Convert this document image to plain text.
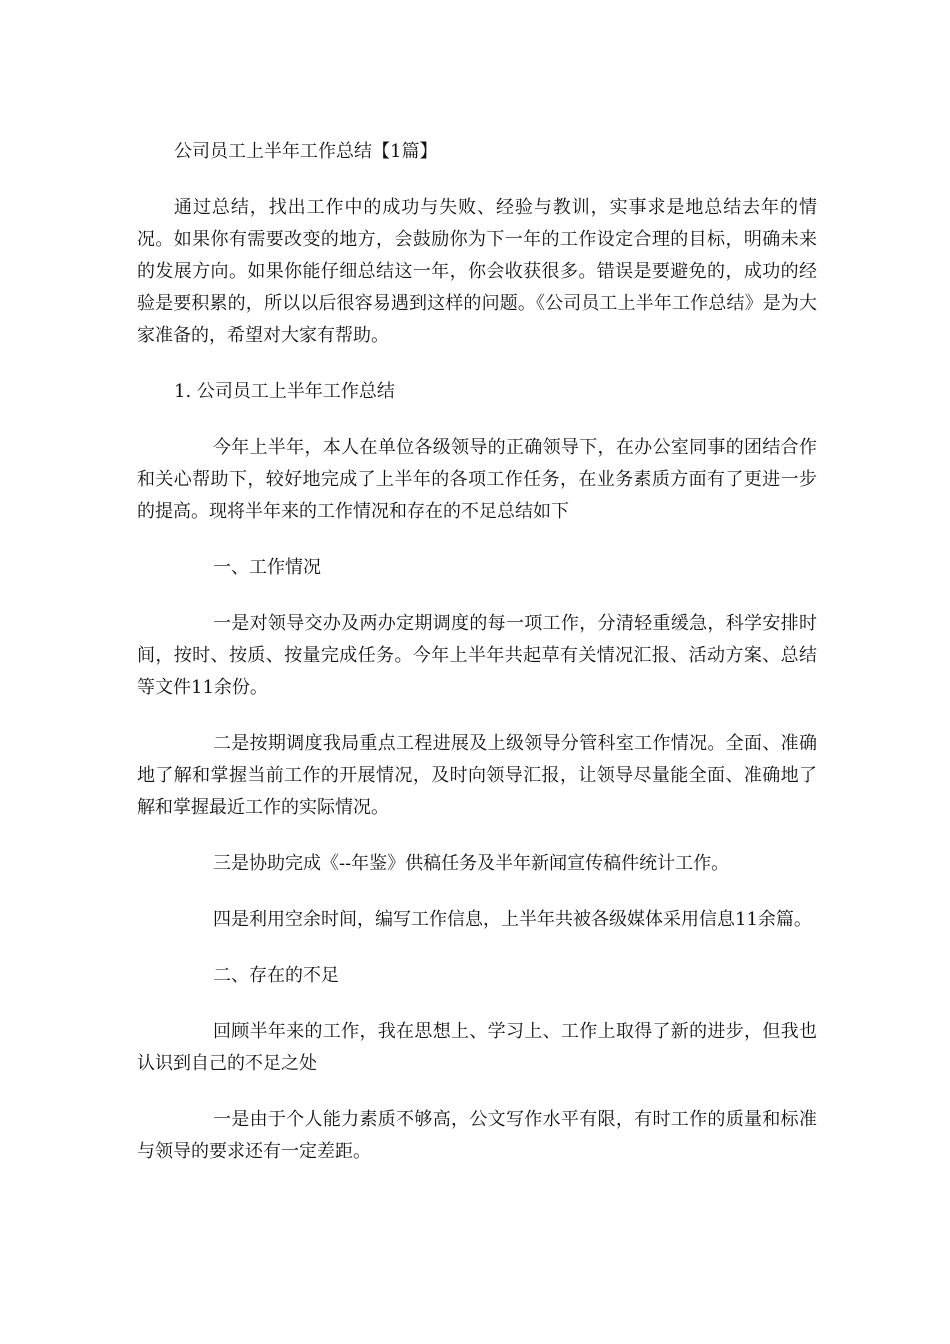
公司员工上半年工作总结【1篇】

通过总结，找出工作中的成功与失败、经验与教训，实事求是地总结去年的情况。如果你有需要改变的地方，会鼓励你为下一年的工作设定合理的目标，明确未来的发展方向。如果你能仔细总结这一年，你会收获很多。错误是要避免的，成功的经验是要积累的，所以以后很容易遇到这样的问题。《公司员工上半年工作总结》是为大家准备的，希望对大家有帮助。

1. 公司员工上半年工作总结

今年上半年，本人在单位各级领导的正确领导下，在办公室同事的团结合作和关心帮助下，较好地完成了上半年的各项工作任务，在业务素质方面有了更进一步的提高。现将半年来的工作情况和存在的不足总结如下

一、工作情况

一是对领导交办及两办定期调度的每一项工作，分清轻重缓急，科学安排时间，按时、按质、按量完成任务。今年上半年共起草有关情况汇报、活动方案、总结等文件11余份。

二是按期调度我局重点工程进展及上级领导分管科室工作情况。全面、准确地了解和掌握当前工作的开展情况，及时向领导汇报，让领导尽量能全面、准确地了解和掌握最近工作的实际情况。

三是协助完成《--年鉴》供稿任务及半年新闻宣传稿件统计工作。

四是利用空余时间，编写工作信息，上半年共被各级媒体采用信息11余篇。

二、存在的不足

回顾半年来的工作，我在思想上、学习上、工作上取得了新的进步，但我也认识到自己的不足之处

一是由于个人能力素质不够高，公文写作水平有限，有时工作的质量和标准与领导的要求还有一定差距。
